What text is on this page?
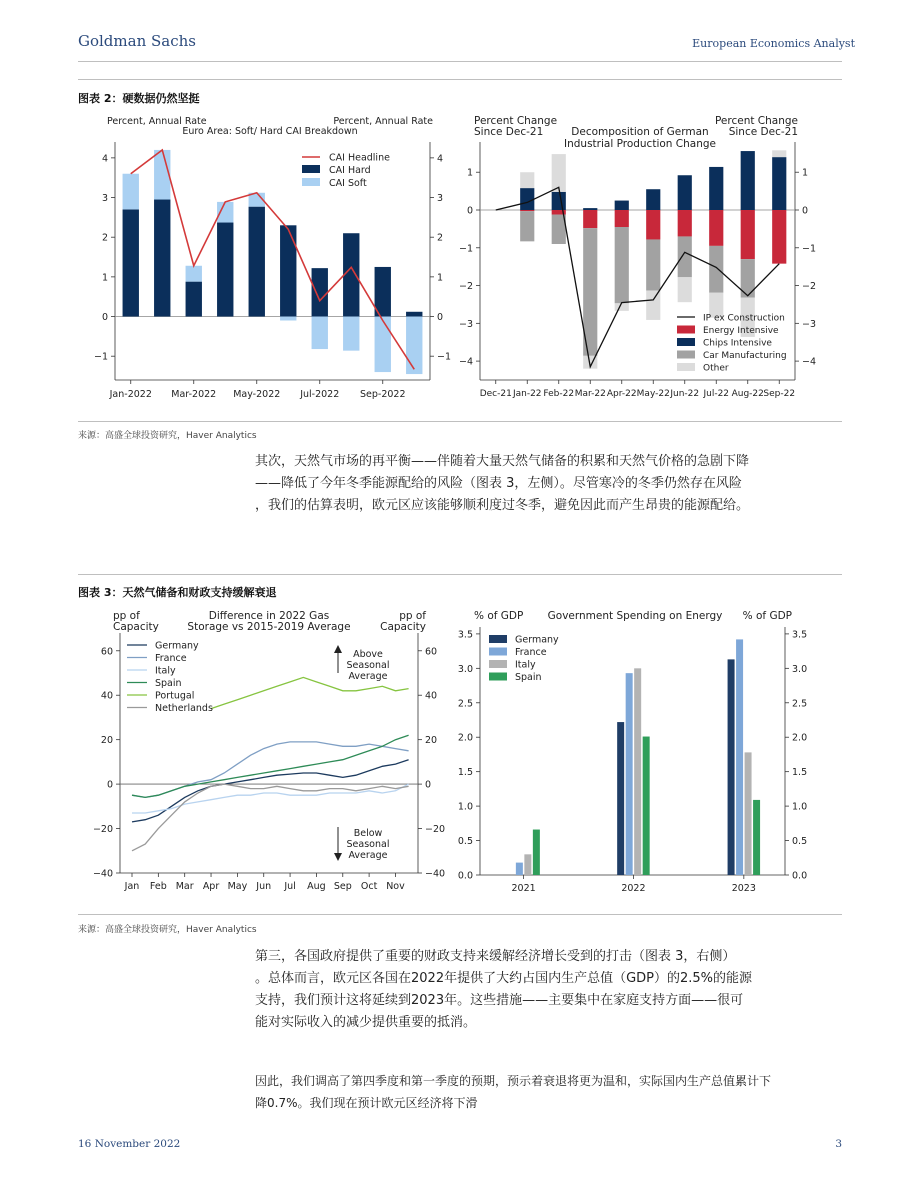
Goldman Sachs	European Economics Analyst
图表 2：硬数据仍然坚挺
Percent, Annual Rate	Percent, Annual Rate
Euro Area: Soft/ Hard CAI Breakdown
−1	−1
0	0
1	1
2	2
3	3
4	4
Jan-2022 Mar-2022 May-2022 Jul-2022 Sep-2022
CAI Headline
CAI Hard
CAI Soft
Percent Change
Since Dec-21
Percent Change
Since Dec-21
Decomposition of German
Industrial Production Change
−4	−4
−3	−3
−2	−2
−1	−1
0	0
1	1
Dec-21 Jan-22 Feb-22 Mar-22 Apr-22 May-22 Jun-22 Jul-22 Aug-22 Sep-22
IP ex Construction
Energy Intensive
Chips Intensive
Car Manufacturing
Other
来源：高盛全球投资研究，Haver Analytics
其次，天然气市场的再平衡——伴随着大量天然气储备的积累和天然气价格的急剧下降
——降低了今年冬季能源配给的风险（图表 3，左侧）。尽管寒冷的冬季仍然存在风险
，我们的估算表明，欧元区应该能够顺利度过冬季，避免因此而产生昂贵的能源配给。
图表 3：天然气储备和财政支持缓解衰退
pp of
Capacity
pp of
Capacity
Difference in 2022 Gas
Storage vs 2015-2019 Average
−40	−40
−20	−20
0	0
20	20
40	40
60	60
Jan Feb Mar Apr May Jun Jul Aug Sep Oct Nov
Germany
France
Italy
Spain
Portugal
Netherlands
Above
Seasonal
Average
Below
Seasonal
Average
% of GDP Government Spending on Energy % of GDP
0.0	0.0
0.5	0.5
1.0	1.0
1.5	1.5
2.0	2.0
2.5	2.5
3.0	3.0
3.5	3.5
2021	2022	2023
Germany
France
Italy
Spain
来源：高盛全球投资研究，Haver Analytics
第三，各国政府提供了重要的财政支持来缓解经济增长受到的打击（图表 3，右侧）
。总体而言，欧元区各国在2022年提供了大约占国内生产总值（GDP）的2.5%的能源
支持，我们预计这将延续到2023年。这些措施——主要集中在家庭支持方面——很可
能对实际收入的减少提供重要的抵消。
因此，我们调高了第四季度和第一季度的预期，预示着衰退将更为温和，实际国内生产总值累计下
降0.7%。我们现在预计欧元区经济将下滑
16 November 2022	3
